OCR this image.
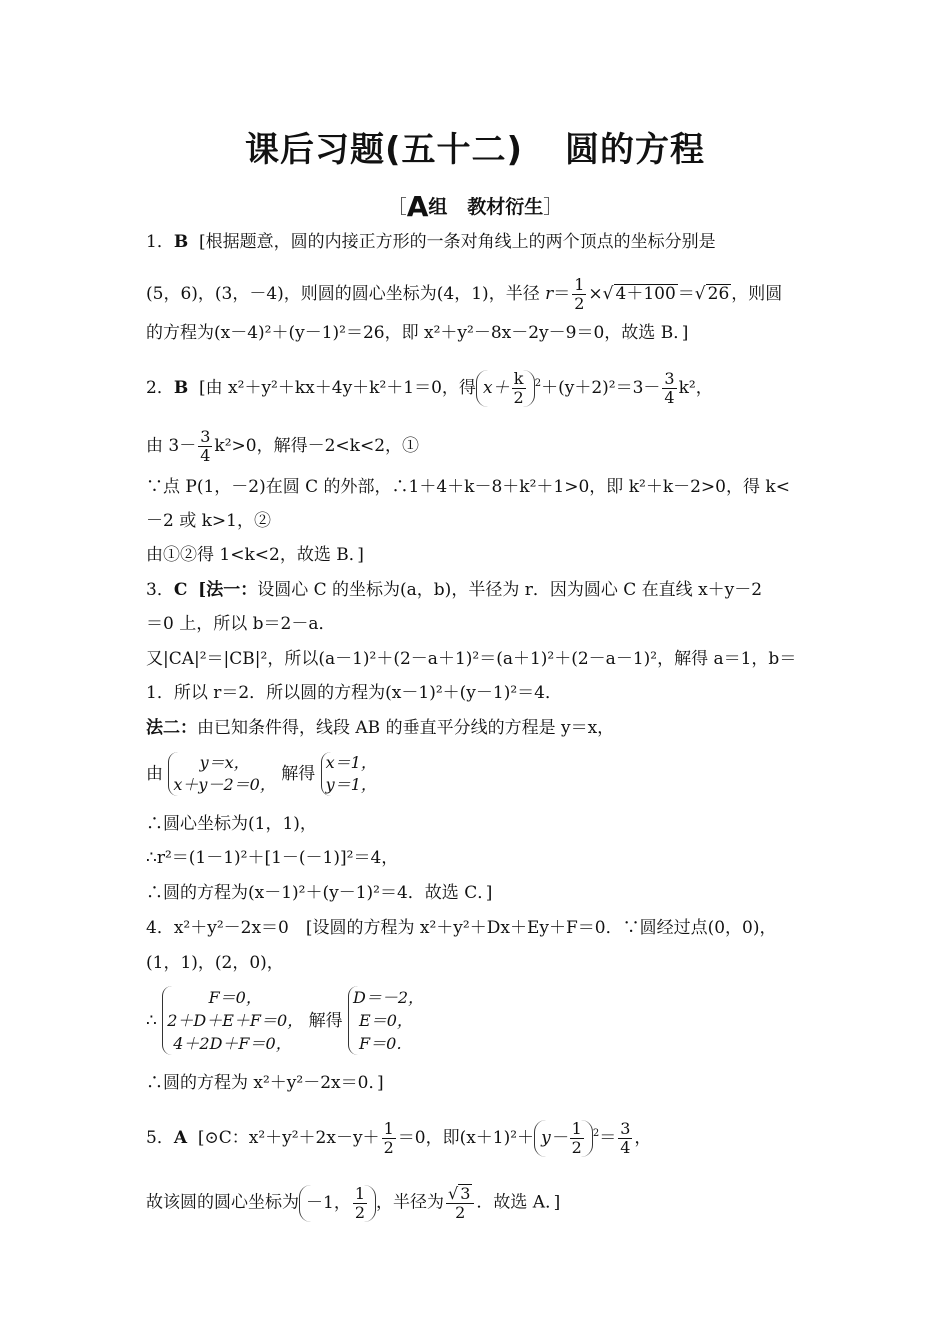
课后习题(五十二) 圆的方程
［A组 教材衍生］
1．B [根据题意，圆的内接正方形的一条对角线上的两个顶点的坐标分别是
(5，6)，(3，－4)，则圆的圆心坐标为(4，1)，半径 $r= \frac{1}{2}$ ×√ 4＋100 ＝√ 26 ，则圆
的方程为(x－4)²＋(y－1)²＝26，即 x²＋y²－8x－2y－9＝0，故选 B．]
2．B [由 x²＋y²＋kx＋4y＋k²＋1＝0，得 $x+ \frac{k}{2} ^2+(y+2)^2=3- \frac{3}{4} k^2$，
由 $3- \frac{3}{4} k^2>0$，解得－2<k<2，①
∵点 P(1，－2)在圆 C 的外部，∴1＋4＋k－8＋k²＋1>0，即 k²＋k－2>0，得 k<
－2 或 k>1，②
由①②得 1<k<2，故选 B．]
3．C [法一：设圆心 C 的坐标为(a，b)，半径为 r．因为圆心 C 在直线 x＋y－2
＝0 上，所以 b＝2－a．
又|CA|²＝|CB|²，所以(a－1)²＋(2－a＋1)²＝(a＋1)²＋(2－a－1)²，解得 a＝1，b＝
1．所以 r＝2．所以圆的方程为(x－1)²＋(y－1)²＝4．
法二：由已知条件得，线段 AB 的垂直平分线的方程是 y＝x，
由
y＝x，
x＋y－2＝0，
解得
x＝1，
y＝1，
∴圆心坐标为(1，1)，
∴r²＝(1－1)²＋[1－(－1)]²＝4，
∴圆的方程为(x－1)²＋(y－1)²＝4．故选 C．]
4．x²＋y²－2x＝0　[设圆的方程为 x²＋y²＋Dx＋Ey＋F＝0．∵圆经过点(0，0)，
(1，1)，(2，0)，
∴
F＝0，
2＋D＋E＋F＝0，
4＋2D＋F＝0，
解得
D＝－2，
E＝0，
F＝0．
∴圆的方程为 x²＋y²－2x＝0．]
5．A [⊙C：$x^2+y^2+2x-y+ \frac{1}{2} =0$，即$(x+1)^2+ y- \frac{1}{2} ^2= \frac{3}{4}$ ，
故该圆的圆心坐标为 －1， $\frac{1}{2}$ ，半径为 $\frac{√ 3}{2}$ ．故选 A．]
